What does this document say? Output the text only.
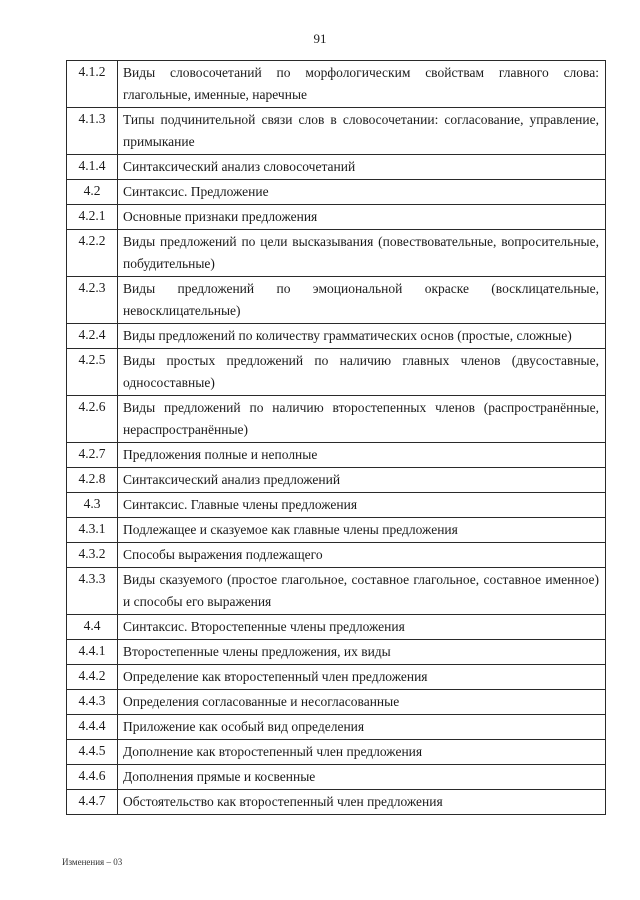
91
4.1.2	Виды словосочетаний по морфологическим свойствам главного слова: глагольные, именные, наречные
4.1.3	Типы подчинительной связи слов в словосочетании: согласование, управление, примыкание
4.1.4	Синтаксический анализ словосочетаний
4.2	Синтаксис. Предложение
4.2.1	Основные признаки предложения
4.2.2	Виды предложений по цели высказывания (повествовательные, вопросительные, побудительные)
4.2.3	Виды предложений по эмоциональной окраске (восклицательные, невосклицательные)
4.2.4	Виды предложений по количеству грамматических основ (простые, сложные)
4.2.5	Виды простых предложений по наличию главных членов (двусоставные, односоставные)
4.2.6	Виды предложений по наличию второстепенных членов (распространённые, нераспространённые)
4.2.7	Предложения полные и неполные
4.2.8	Синтаксический анализ предложений
4.3	Синтаксис. Главные члены предложения
4.3.1	Подлежащее и сказуемое как главные члены предложения
4.3.2	Способы выражения подлежащего
4.3.3	Виды сказуемого (простое глагольное, составное глагольное, составное именное) и способы его выражения
4.4	Синтаксис. Второстепенные члены предложения
4.4.1	Второстепенные члены предложения, их виды
4.4.2	Определение как второстепенный член предложения
4.4.3	Определения согласованные и несогласованные
4.4.4	Приложение как особый вид определения
4.4.5	Дополнение как второстепенный член предложения
4.4.6	Дополнения прямые и косвенные
4.4.7	Обстоятельство как второстепенный член предложения
Изменения – 03
